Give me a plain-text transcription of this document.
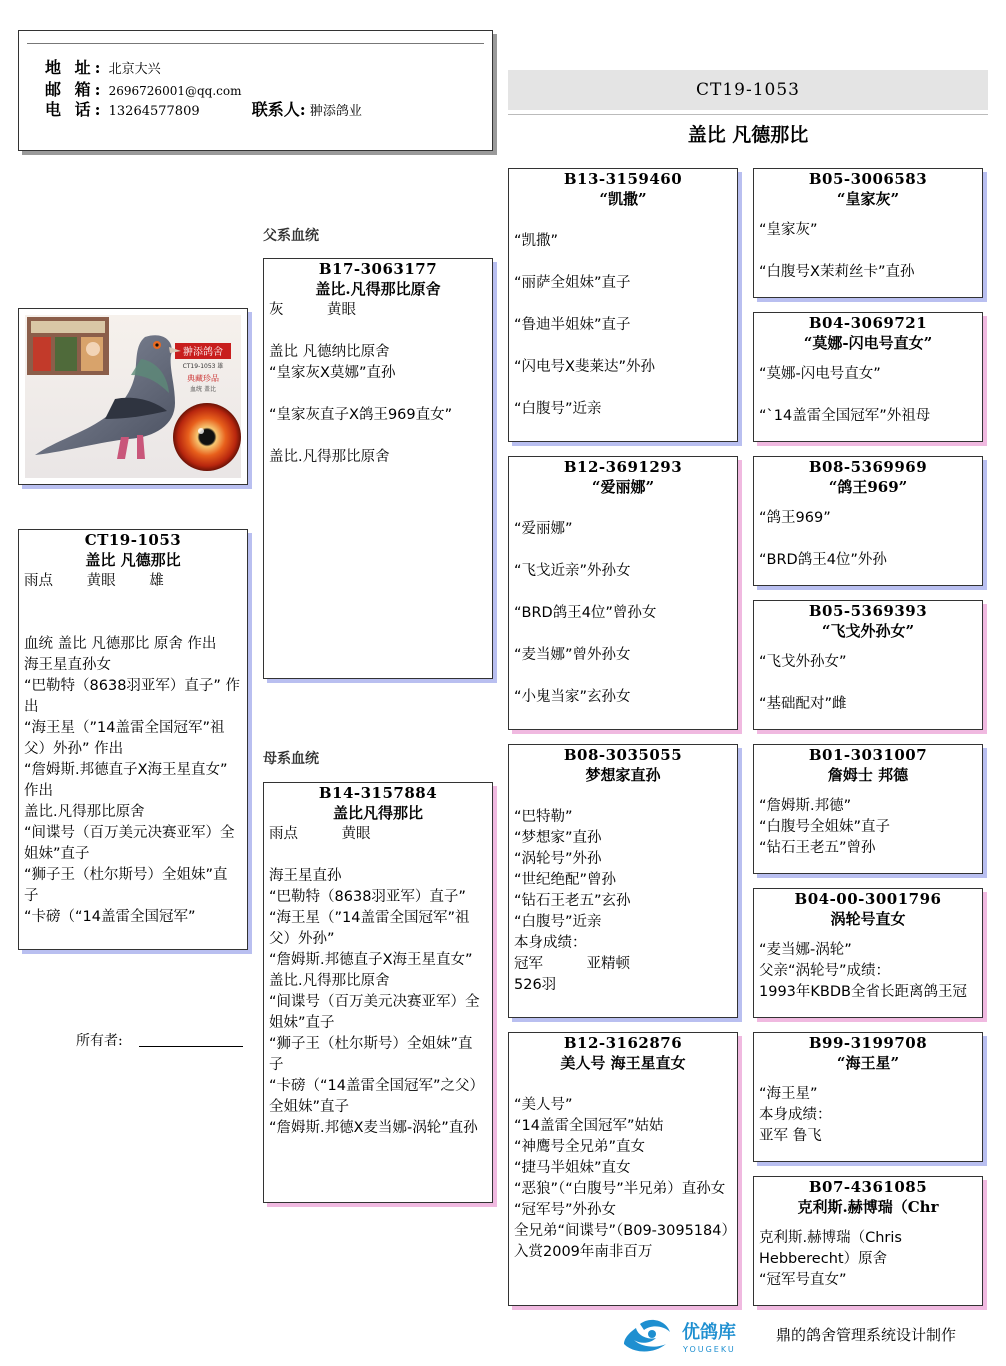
地 址: 北京大兴
邮 箱: 2696726001@qq.com
电 话: 13264577809	联系人: 翀添鸽业
CT19-1053
盖比 凡德那比
父系血统
母系血统
翀添鸽舍
CT19-1053 雄
典藏珍品
血统 盖比
CT19-1053
盖比 凡德那比
雨点　　 黄眼　　 雄

血统 盖比 凡德那比 原舍 作出
海王星直孙女
“巴勒特（8638羽亚军）直子” 作出
“海王星（”14盖雷全国冠军”祖父）外孙” 作出
“詹姆斯.邦德直子X海王星直女” 作出
盖比.凡得那比原舍
“间谍号（百万美元决赛亚军）全姐妹”直子
“狮子王（杜尔斯号）全姐妹”直子
“卡磅（“14盖雷全国冠军”
所有者:
B17-3063177
盖比.凡得那比原舍
灰　　　黄眼

盖比 凡德纳比原舍
“皇家灰X莫娜”直孙

“皇家灰直子X鸽王969直女”

盖比.凡得那比原舍
B14-3157884
盖比凡得那比
雨点　　　黄眼

海王星直孙
“巴勒特（8638羽亚军）直子”
“海王星（”14盖雷全国冠军”祖父）外孙”
“詹姆斯.邦德直子X海王星直女”
盖比.凡得那比原舍
“间谍号（百万美元决赛亚军）全姐妹”直子
“狮子王（杜尔斯号）全姐妹”直子
“卡磅（“14盖雷全国冠军”之父）全姐妹”直子
“詹姆斯.邦德X麦当娜-涡轮”直孙
B13-3159460
“凯撒”

“凯撒”

“丽萨全姐妹”直子

“鲁迪半姐妹”直子

“闪电号X斐莱达”外孙

“白腹号”近亲
B12-3691293
“爱丽娜”

“爱丽娜”

“飞戈近亲”外孙女

“BRD鸽王4位”曾孙女

“麦当娜”曾外孙女

“小鬼当家”玄孙女
B08-3035055
梦想家直孙

“巴特勒”
“梦想家”直孙
“涡轮号”外孙
“世纪绝配”曾孙
“钻石王老五”玄孙
“白腹号”近亲
本身成绩：
冠军　　　亚精顿
526羽
B12-3162876
美人号 海王星直女

“美人号”
“14盖雷全国冠军”姑姑
“神鹰号全兄弟”直女
“捷马半姐妹”直女
“恶狼”（“白腹号”半兄弟）直孙女
“冠军号”外孙女
全兄弟“间谍号”（B09-3095184）入赏2009年南非百万
B05-3006583
“皇家灰”
“皇家灰”

“白腹号X茉莉丝卡”直孙
B04-3069721
“莫娜-闪电号直女”
“莫娜-闪电号直女”

“`14盖雷全国冠军”外祖母
B08-5369969
“鸽王969”
“鸽王969”

“BRD鸽王4位”外孙
B05-5369393
“飞戈外孙女”
“飞戈外孙女”

“基础配对”雌
B01-3031007
詹姆士 邦德
“詹姆斯.邦德”
“白腹号全姐妹”直子
“钻石王老五”曾孙
B04-00-3001796
涡轮号直女
“麦当娜-涡轮”
父亲“涡轮号”成绩：
1993年KBDB全省长距离鸽王冠
B99-3199708
“海王星”
“海王星”
本身成绩：
亚军 鲁飞
B07-4361085
克利斯.赫博瑞（Chr
克利斯.赫博瑞（Chris Hebberecht）原舍
“冠军号直女”
优鸽库
YOUGEKU
鼎的鸽舍管理系统设计制作
